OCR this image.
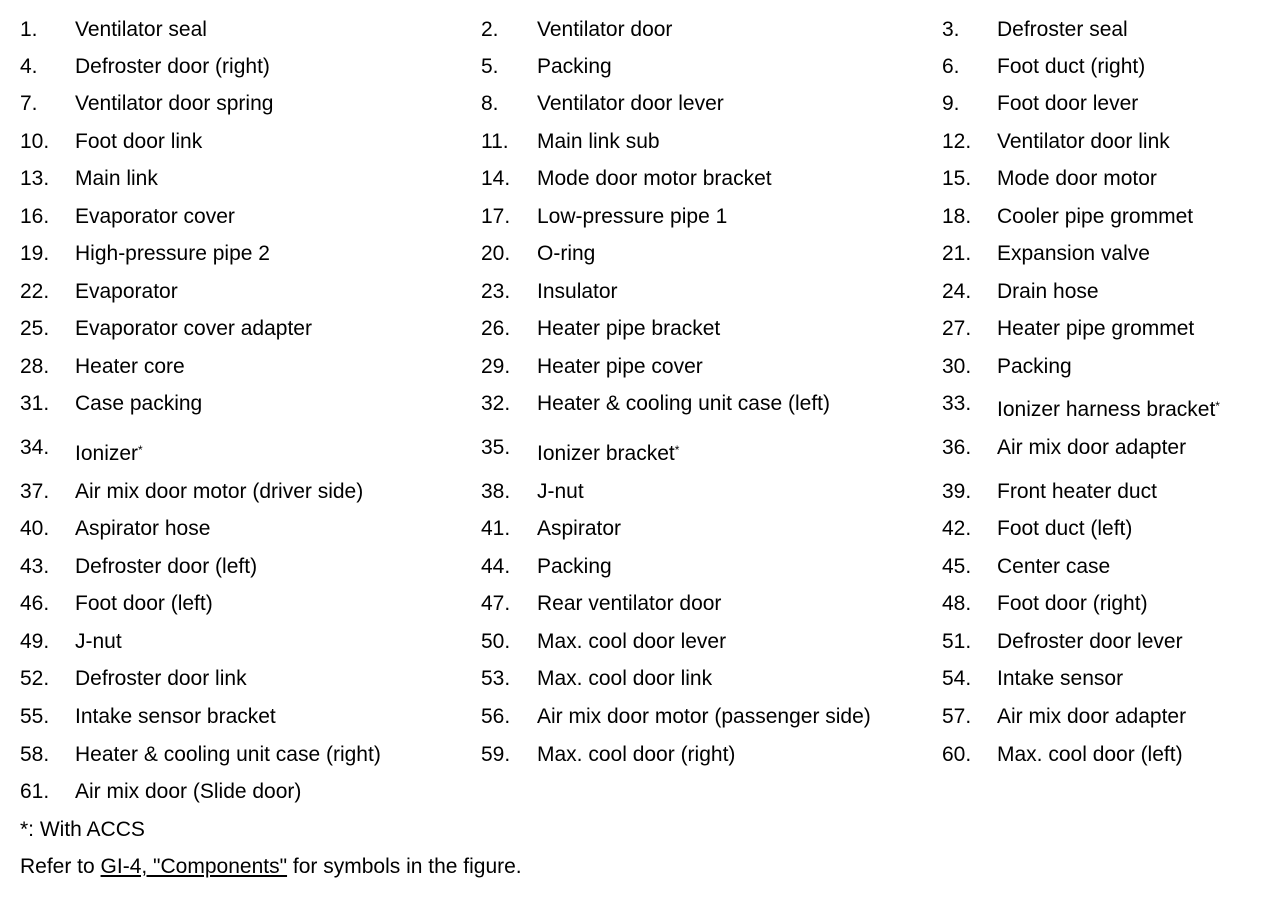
1. Ventilator seal	2. Ventilator door	3. Defroster seal
4. Defroster door (right)	5. Packing	6. Foot duct (right)
7. Ventilator door spring	8. Ventilator door lever	9. Foot door lever
10. Foot door link	11. Main link sub	12. Ventilator door link
13. Main link	14. Mode door motor bracket	15. Mode door motor
16. Evaporator cover	17. Low-pressure pipe 1	18. Cooler pipe grommet
19. High-pressure pipe 2	20. O-ring	21. Expansion valve
22. Evaporator	23. Insulator	24. Drain hose
25. Evaporator cover adapter	26. Heater pipe bracket	27. Heater pipe grommet
28. Heater core	29. Heater pipe cover	30. Packing
31. Case packing	32. Heater & cooling unit case (left)	33. Ionizer harness bracket*
34. Ionizer*	35. Ionizer bracket*	36. Air mix door adapter
37. Air mix door motor (driver side)	38. J-nut	39. Front heater duct
40. Aspirator hose	41. Aspirator	42. Foot duct (left)
43. Defroster door (left)	44. Packing	45. Center case
46. Foot door (left)	47. Rear ventilator door	48. Foot door (right)
49. J-nut	50. Max. cool door lever	51. Defroster door lever
52. Defroster door link	53. Max. cool door link	54. Intake sensor
55. Intake sensor bracket	56. Air mix door motor (passenger side)	57. Air mix door adapter
58. Heater & cooling unit case (right)	59. Max. cool door (right)	60. Max. cool door (left)
61. Air mix door (Slide door)
*: With ACCS
Refer to GI-4, "Components" for symbols in the figure.
